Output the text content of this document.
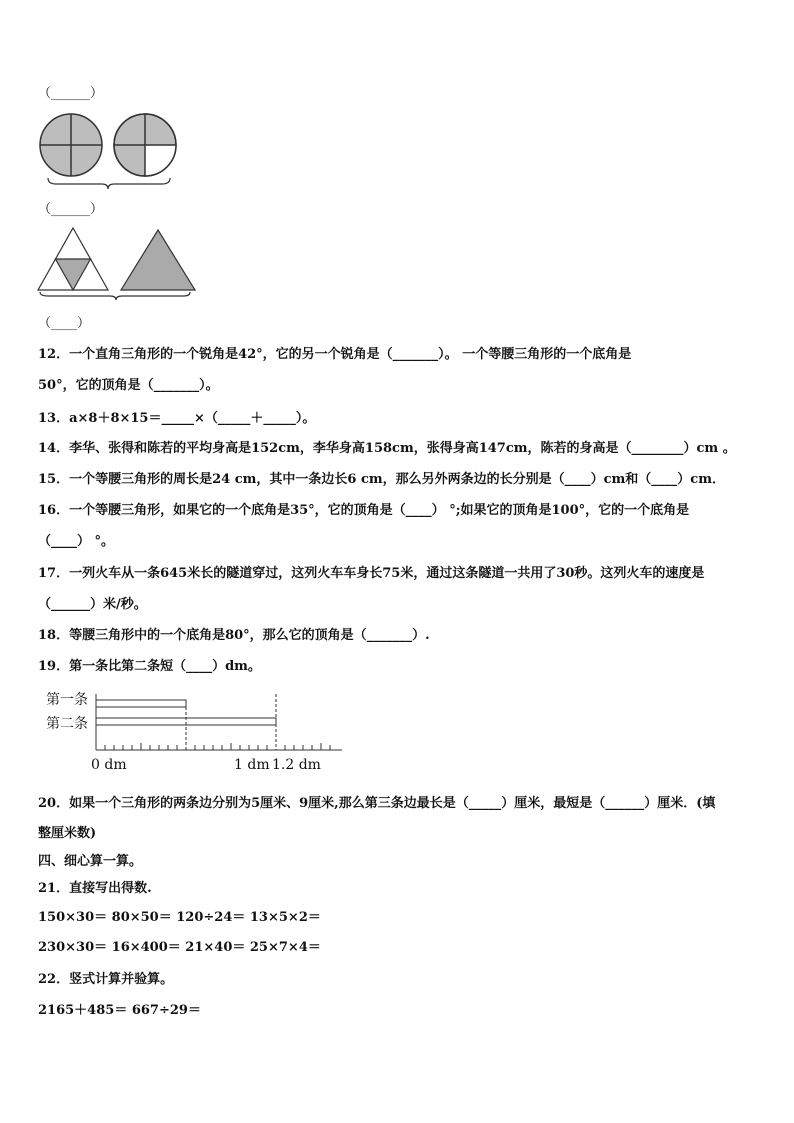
（______）
（______）
（____）
12．一个直角三角形的一个锐角是42°，它的另一个锐角是（_______）。 一个等腰三角形的一个底角是
50°，它的顶角是（_______）。
13．a×8＋8×15＝_____×（_____＋_____）。
14．李华、张得和陈若的平均身高是152cm，李华身高158cm，张得身高147cm，陈若的身高是（________）cm 。
15．一个等腰三角形的周长是24 cm，其中一条边长6 cm，那么另外两条边的长分别是（____）cm和（____）cm．
16．一个等腰三角形，如果它的一个底角是35°，它的顶角是（____） °;如果它的顶角是100°，它的一个底角是
（____） °。
17．一列火车从一条645米长的隧道穿过，这列火车车身长75米，通过这条隧道一共用了30秒。这列火车的速度是
（______）米/秒。
18．等腰三角形中的一个底角是80°，那么它的顶角是（_______）.
19．第一条比第二条短（____）dm。
第一条
第二条
0 dm	1 dm 1.2 dm
20．如果一个三角形的两条边分别为5厘米、9厘米,那么第三条边最长是（_____）厘米，最短是（______）厘米．(填
整厘米数)
四、细心算一算。
21．直接写出得数.
150×30＝ 80×50＝ 120÷24＝ 13×5×2＝
230×30＝ 16×400＝ 21×40＝ 25×7×4＝
22．竖式计算并验算。
2165＋485＝ 667÷29＝
